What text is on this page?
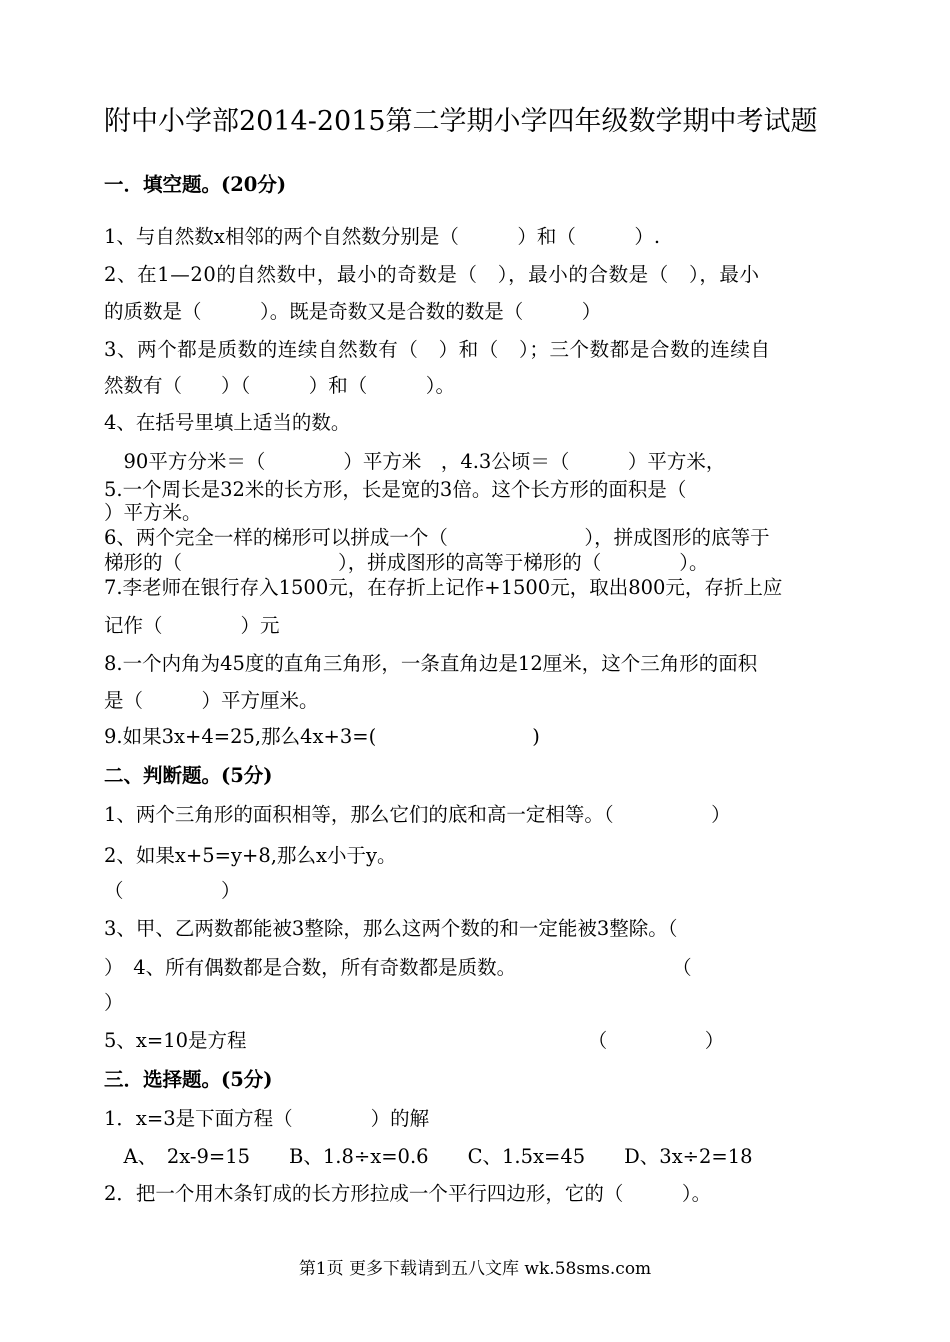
附中小学部2014-2015第二学期小学四年级数学期中考试题
一．填空题。(20分)
1、与自然数x相邻的两个自然数分别是（　　　）和（　　　）.
2、在1—20的自然数中，最小的奇数是（　），最小的合数是（　），最小
的质数是（　　　）。既是奇数又是合数的数是（　　　）
3、两个都是质数的连续自然数有（　）和（　）；三个数都是合数的连续自
然数有（　　）（　　　）和（　　　）。
4、在括号里填上适当的数。
　90平方分米＝（　　　　）平方米　，4.3公顷＝（　　　）平方米，
5.一个周长是32米的长方形，长是宽的3倍。这个长方形的面积是（
）平方米。
6、两个完全一样的梯形可以拼成一个（　　　　　　　），拼成图形的底等于
梯形的（　　　　　　　　），拼成图形的高等于梯形的（　　　　）。
7.李老师在银行存入1500元，在存折上记作+1500元，取出800元，存折上应
记作（　　　　）元
8.一个内角为45度的直角三角形，一条直角边是12厘米，这个三角形的面积
是（　　　）平方厘米。
9.如果3x+4=25,那么4x+3=(　　　　　　　　)
二、判断题。(5分)
1、两个三角形的面积相等，那么它们的底和高一定相等。（　　　　　）
2、如果x+5=y+8,那么x小于y。
（　　　　　）
3、甲、乙两数都能被3整除，那么这两个数的和一定能被3整除。（
）　4、所有偶数都是合数，所有奇数都是质数。　　　　　　　　　（
）
5、x=10是方程　　　　　　　　　　　　　　　　　　（　　　　　）
三．选择题。(5分)
1．x=3是下面方程（　　　　）的解
　A、　2x-9=15　　B、1.8÷x=0.6　　C、1.5x=45　　D、3x÷2=18
2．把一个用木条钉成的长方形拉成一个平行四边形，它的（　　　）。
第1页 更多下载请到五八文库 wk.58sms.com
